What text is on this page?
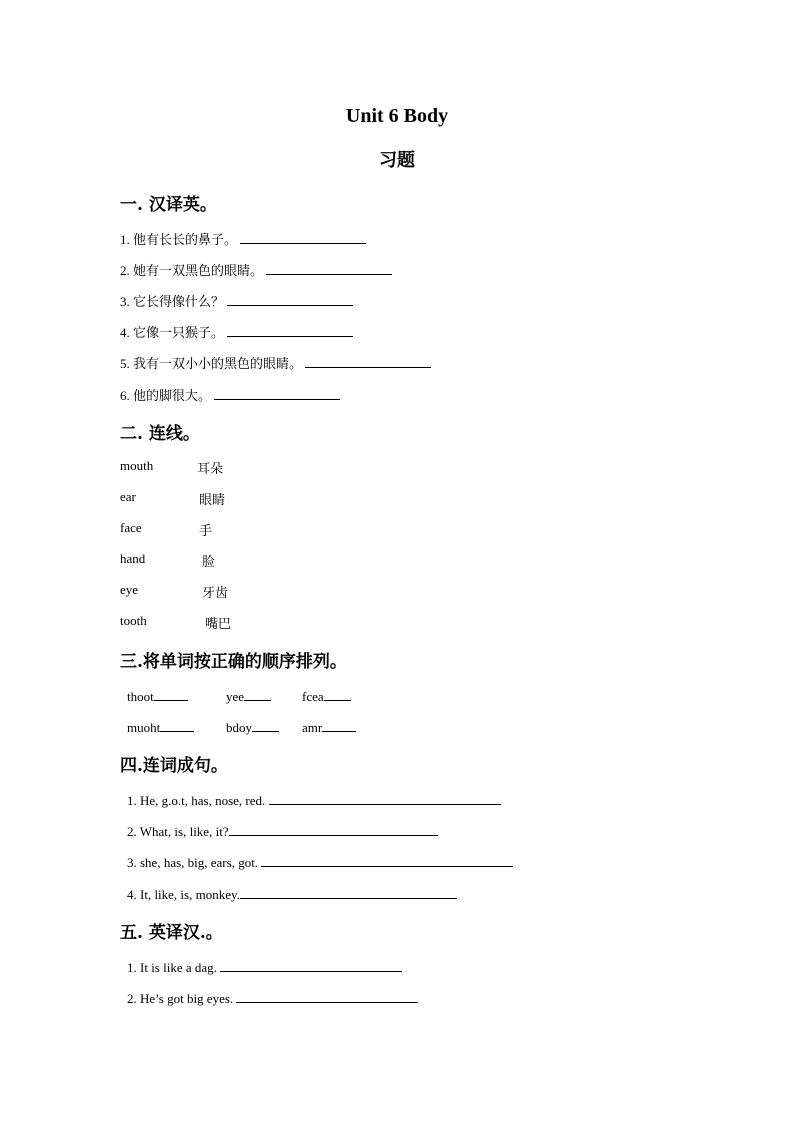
Unit 6 Body
习题
一. 汉译英。
1. 他有长长的鼻子。
2. 她有一双黑色的眼睛。
3. 它长得像什么？
4. 它像一只猴子。
5. 我有一双小小的黑色的眼睛。
6. 他的脚很大。
二. 连线。
mouth	耳朵
ear	眼睛
face	手
hand	脸
eye	牙齿
tooth	嘴巴
三.将单词按正确的顺序排列。
thoot	yee	fcea
muoht	bdoy	amr
四.连词成句。
1. He, g.o.t, has, nose, red.
2. What, is, like, it?
3. she, has, big, ears, got.
4. It, like, is, monkey.
五. 英译汉.。
1. It is like a dag.
2. He’s got big eyes.
